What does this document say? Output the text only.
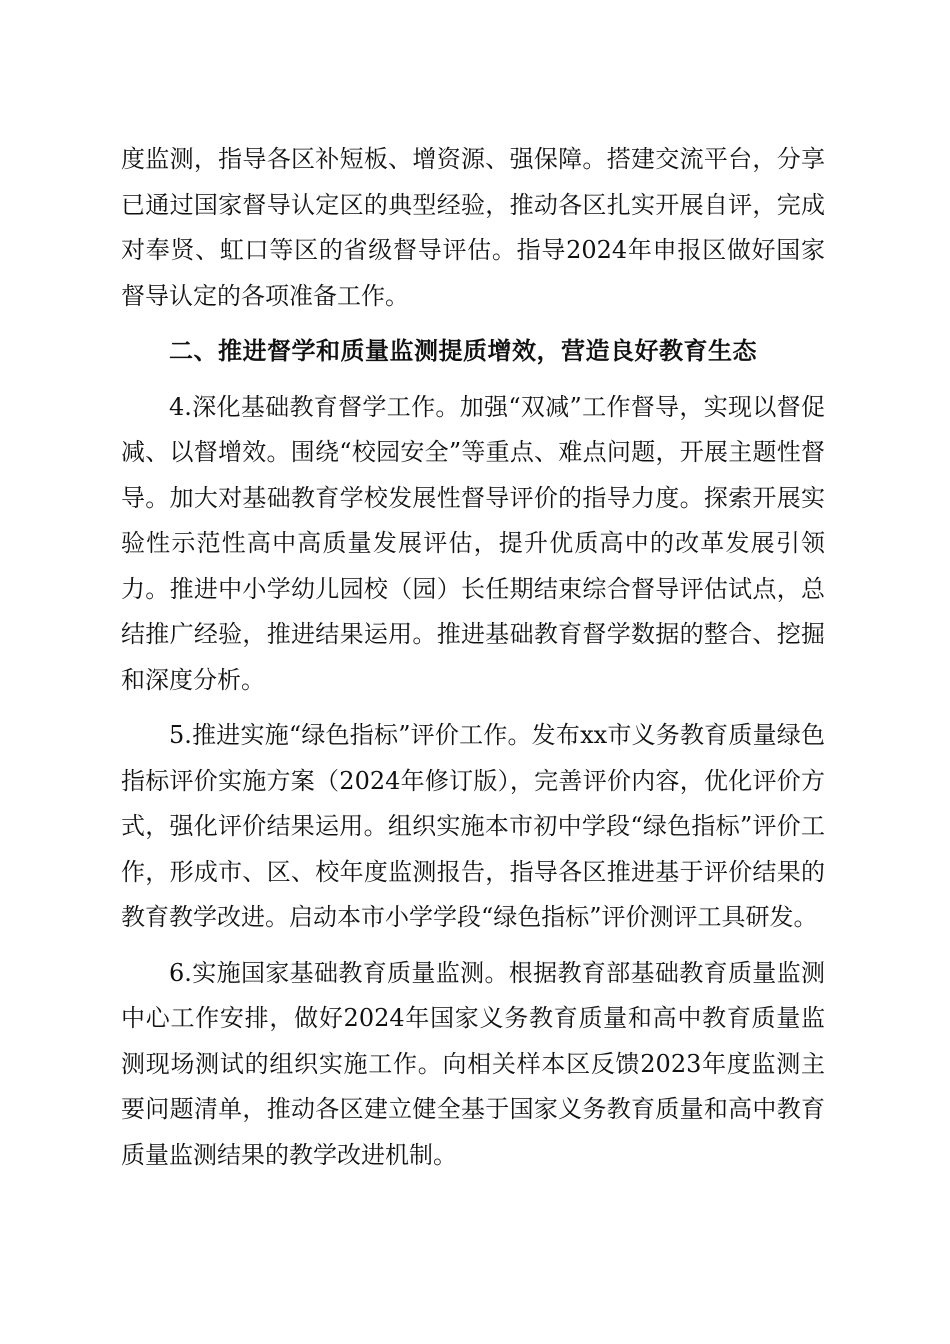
度监测，指导各区补短板、增资源、强保障。搭建交流平台，分享已通过国家督导认定区的典型经验，推动各区扎实开展自评，完成对奉贤、虹口等区的省级督导评估。指导2024年申报区做好国家督导认定的各项准备工作。

二、推进督学和质量监测提质增效，营造良好教育生态

4.深化基础教育督学工作。加强“双减”工作督导，实现以督促减、以督增效。围绕“校园安全”等重点、难点问题，开展主题性督导。加大对基础教育学校发展性督导评价的指导力度。探索开展实验性示范性高中高质量发展评估，提升优质高中的改革发展引领力。推进中小学幼儿园校（园）长任期结束综合督导评估试点，总结推广经验，推进结果运用。推进基础教育督学数据的整合、挖掘和深度分析。

5.推进实施“绿色指标”评价工作。发布xx市义务教育质量绿色指标评价实施方案（2024年修订版），完善评价内容，优化评价方式，强化评价结果运用。组织实施本市初中学段“绿色指标”评价工作，形成市、区、校年度监测报告，指导各区推进基于评价结果的教育教学改进。启动本市小学学段“绿色指标”评价测评工具研发。

6.实施国家基础教育质量监测。根据教育部基础教育质量监测中心工作安排，做好2024年国家义务教育质量和高中教育质量监测现场测试的组织实施工作。向相关样本区反馈2023年度监测主要问题清单，推动各区建立健全基于国家义务教育质量和高中教育质量监测结果的教学改进机制。
